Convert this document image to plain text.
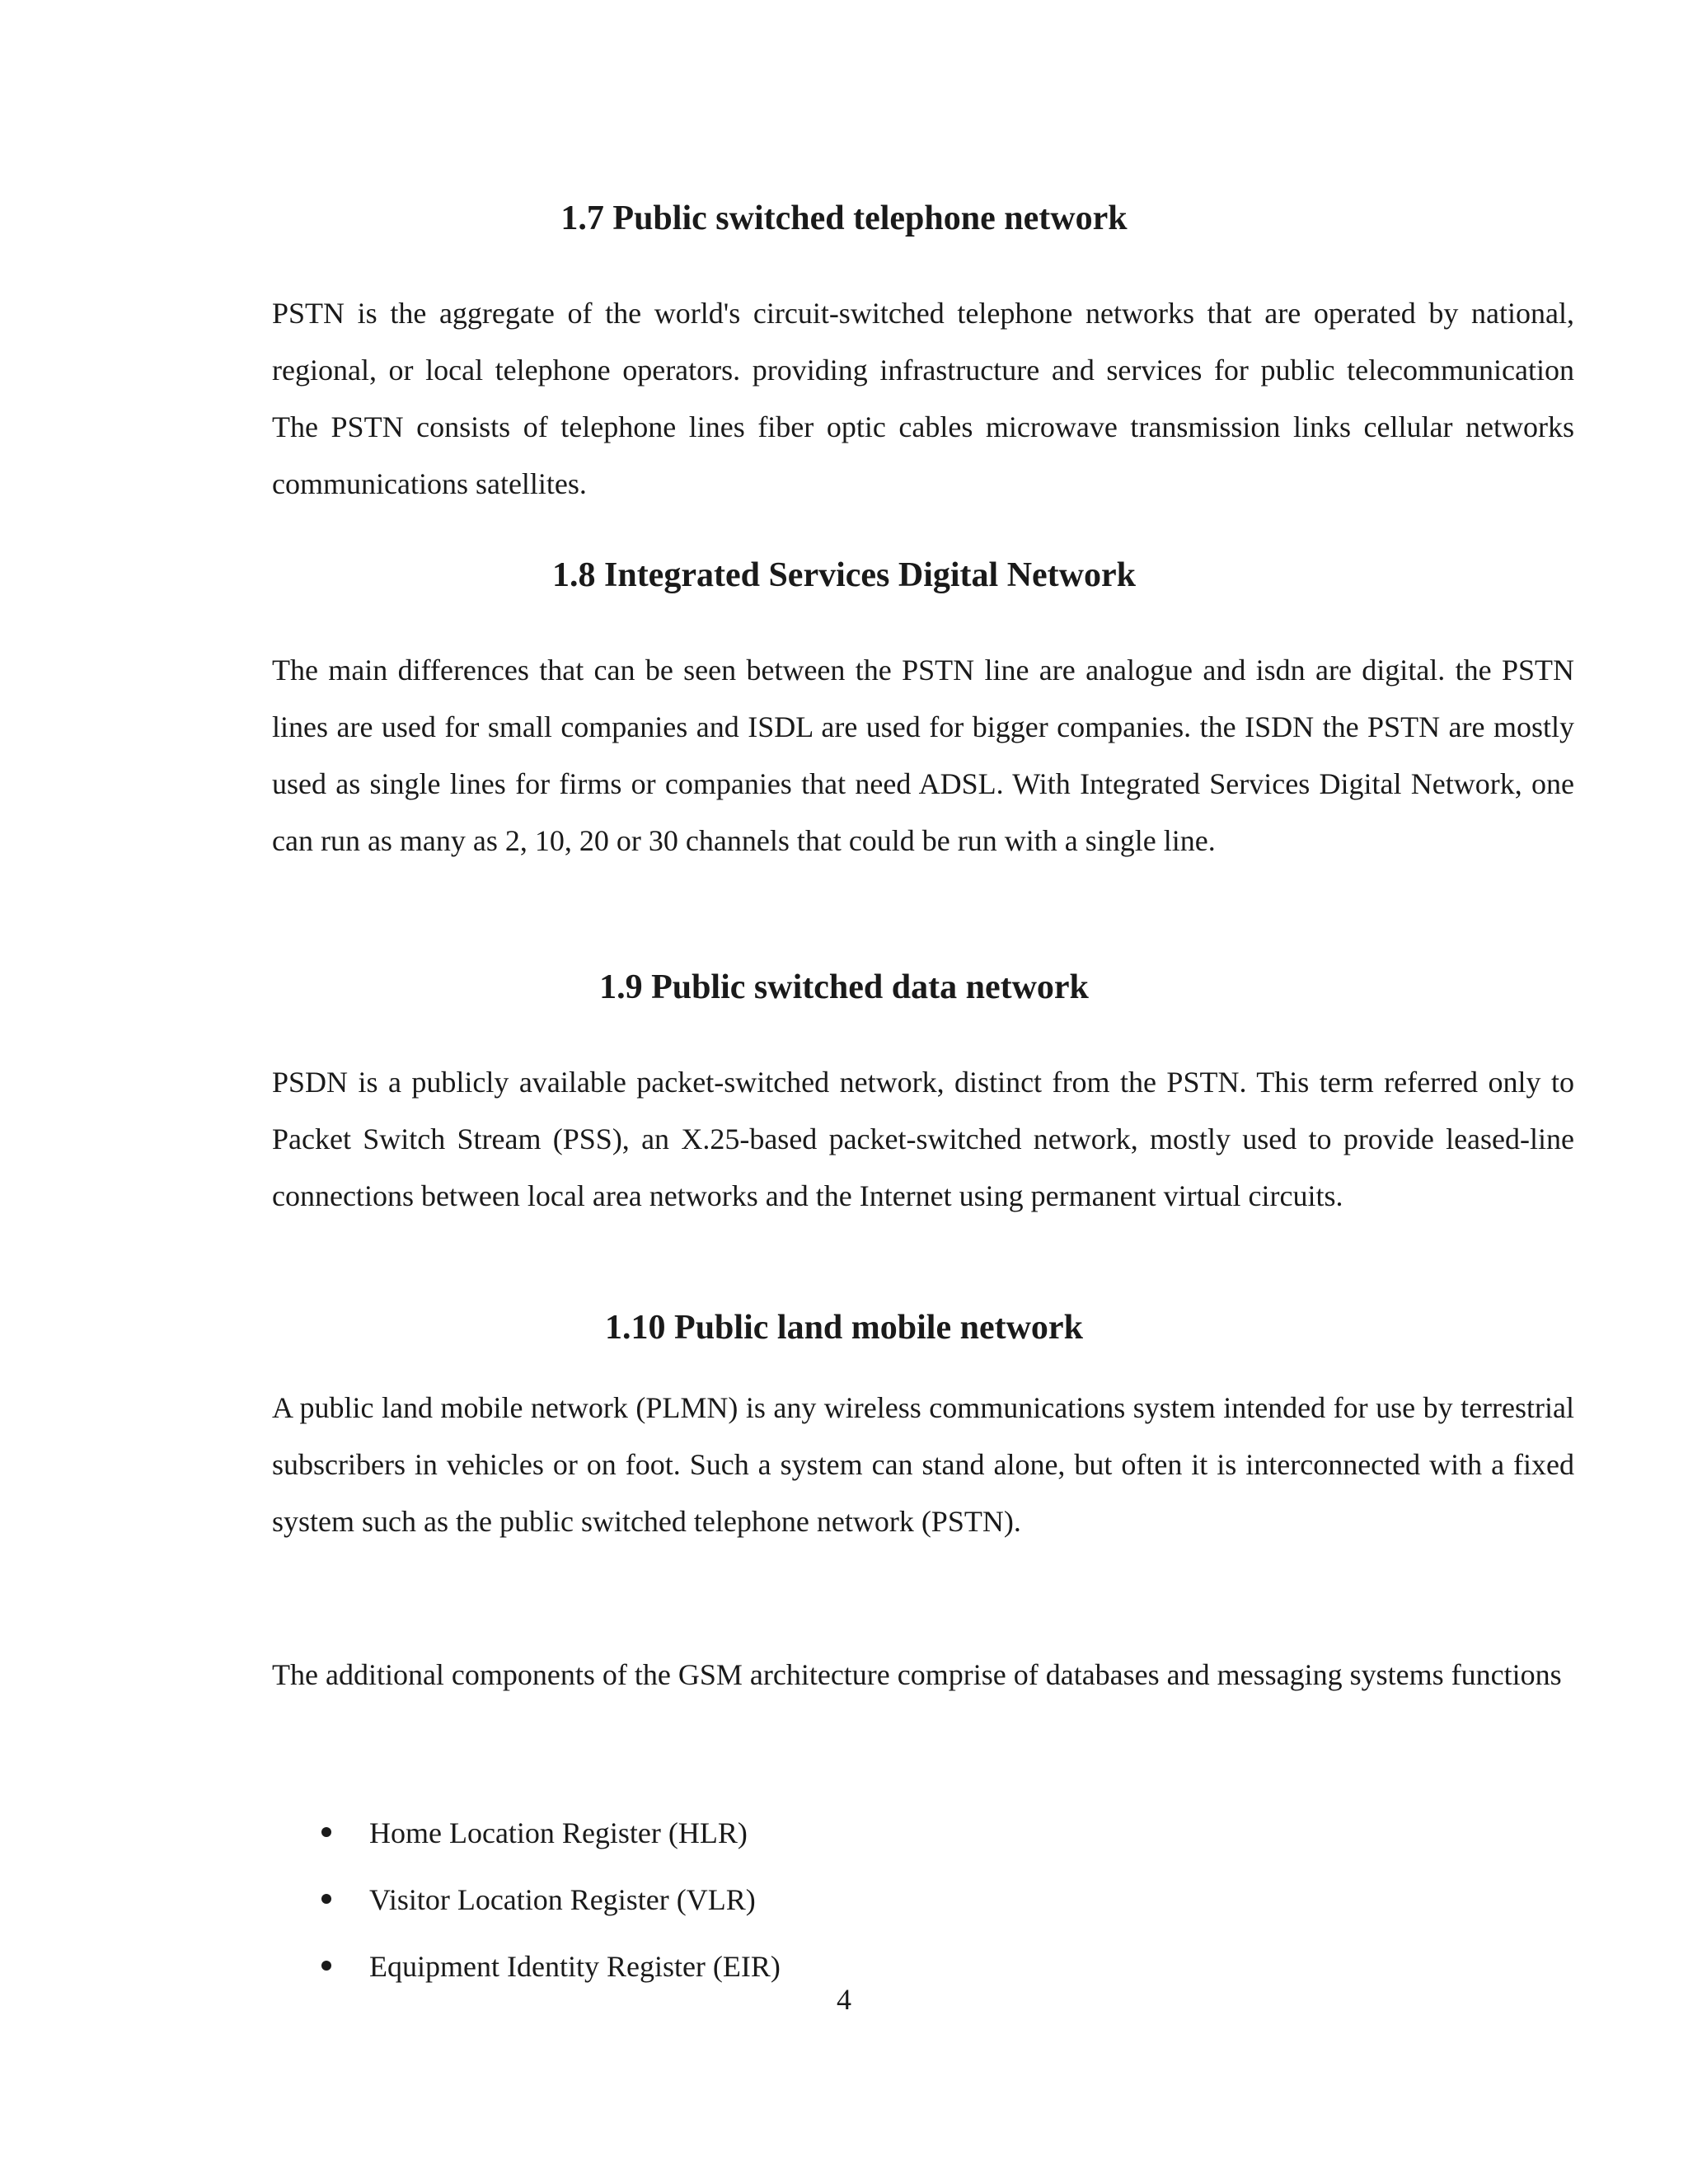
1.7 Public switched telephone network

PSTN is the aggregate of the world's circuit-switched telephone networks that are operated by national, regional, or local telephone operators. providing infrastructure and services for public telecommunication The PSTN consists of telephone lines fiber optic cables microwave transmission links cellular networks communications satellites.

1.8 Integrated Services Digital Network

The main differences that can be seen between the PSTN line are analogue and isdn are digital. the PSTN lines are used for small companies and ISDL are used for bigger companies. the ISDN the PSTN are mostly used as single lines for firms or companies that need ADSL. With Integrated Services Digital Network, one can run as many as 2, 10, 20 or 30 channels that could be run with a single line.

1.9 Public switched data network

PSDN is a publicly available packet-switched network, distinct from the PSTN. This term referred only to Packet Switch Stream (PSS), an X.25-based packet-switched network, mostly used to provide leased-line connections between local area networks and the Internet using permanent virtual circuits.

1.10 Public land mobile network

A public land mobile network (PLMN) is any wireless communications system intended for use by terrestrial subscribers in vehicles or on foot. Such a system can stand alone, but often it is interconnected with a fixed system such as the public switched telephone network (PSTN).

The additional components of the GSM architecture comprise of databases and messaging systems functions

Home Location Register (HLR)
Visitor Location Register (VLR)
Equipment Identity Register (EIR)
4
